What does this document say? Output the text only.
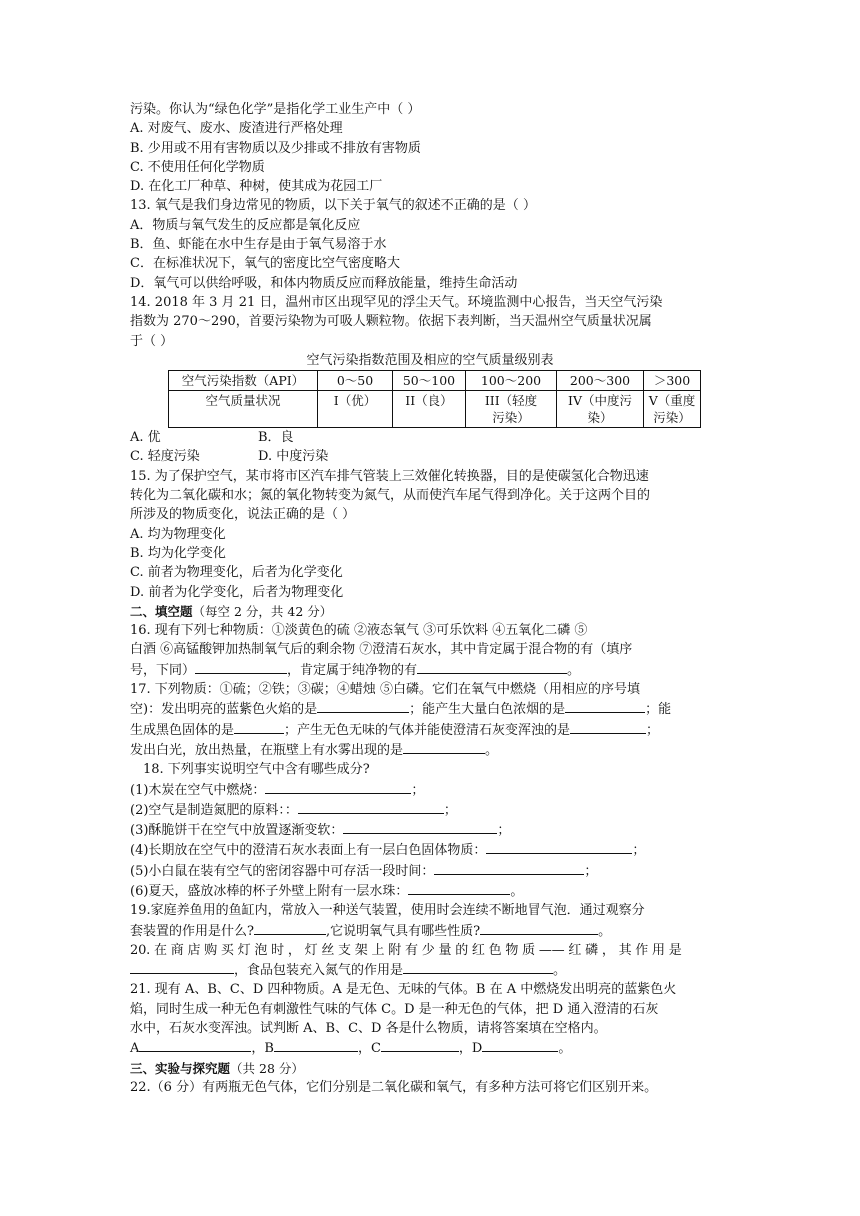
污染。你认为“绿色化学”是指化学工业生产中（ ）

A. 对废气、废水、废渣进行严格处理

B. 少用或不用有害物质以及少排或不排放有害物质

C. 不使用任何化学物质

D. 在化工厂种草、种树，使其成为花园工厂

13. 氧气是我们身边常见的物质，以下关于氧气的叙述不正确的是（ ）

A．物质与氧气发生的反应都是氧化反应

B．鱼、虾能在水中生存是由于氧气易溶于水

C．在标准状况下，氧气的密度比空气密度略大

D．氧气可以供给呼吸，和体内物质反应而释放能量，维持生命活动

14. 2018 年 3 月 21 日，温州市区出现罕见的浮尘天气。环境监测中心报告，当天空气污染

指数为 270～290，首要污染物为可吸人颗粒物。依据下表判断，当天温州空气质量状况属

于（ ）

空气污染指数范围及相应的空气质量级别表

空气污染指数（API）	0～50	50～100	100～200	200～300	＞300
空气质量状况	I（优）	II（良）	III（轻度
污染）	IV（中度污
染）	V（重度
污染）

A. 优	B．良

C. 轻度污染	D. 中度污染

15. 为了保护空气，某市将市区汽车排气管装上三效催化转换器，目的是使碳氢化合物迅速

转化为二氧化碳和水；氮的氧化物转变为氮气，从而使汽车尾气得到净化。关于这两个目的

所涉及的物质变化，说法正确的是（ ）

A. 均为物理变化

B. 均为化学变化

C. 前者为物理变化，后者为化学变化

D. 前者为化学变化，后者为物理变化

二、填空题（每空 2 分，共 42 分）

16. 现有下列七种物质：①淡黄色的硫 ②液态氧气 ③可乐饮料 ④五氧化二磷 ⑤

白酒 ⑥高锰酸钾加热制氧气后的剩余物 ⑦澄清石灰水，其中肯定属于混合物的有（填序

号，下同）	，肯定属于纯净物的有	。

17. 下列物质：①硫；②铁；③碳；④蜡烛 ⑤白磷。它们在氧气中燃烧（用相应的序号填

空)：发出明亮的蓝紫色火焰的是	；能产生大量白色浓烟的是	；能

生成黑色固体的是	；产生无色无味的气体并能使澄清石灰变浑浊的是	；

发出白光，放出热量，在瓶壁上有水雾出现的是	。

18. 下列事实说明空气中含有哪些成分?

(1)木炭在空气中燃烧：	；

(2)空气是制造氮肥的原料：：	；

(3)酥脆饼干在空气中放置逐渐变软：	；

(4)长期放在空气中的澄清石灰水表面上有一层白色固体物质：	；

(5)小白鼠在装有空气的密闭容器中可存活一段时间：	；

(6)夏天，盛放冰棒的杯子外壁上附有一层水珠：	。

19.家庭养鱼用的鱼缸内，常放入一种送气装置，使用时会连续不断地冒气泡．通过观察分

套装置的作用是什么?	,它说明氧气具有哪些性质?	。

20. 在 商 店 购 买 灯 泡 时 ， 灯 丝 支 架 上 附 有 少 量 的 红 色 物 质 —— 红 磷 ， 其 作 用 是

，食品包装充入氮气的作用是	。

21. 现有 A、B、C、D 四种物质。A 是无色、无味的气体。B 在 A 中燃烧发出明亮的蓝紫色火

焰，同时生成一种无色有刺激性气味的气体 C。D 是一种无色的气体，把 D 通入澄清的石灰

水中，石灰水变浑浊。试判断 A、B、C、D 各是什么物质，请将答案填在空格内。

A	，B	，C	，D	。

三、实验与探究题（共 28 分）

22.（6 分）有两瓶无色气体，它们分别是二氧化碳和氧气，有多种方法可将它们区别开来。
